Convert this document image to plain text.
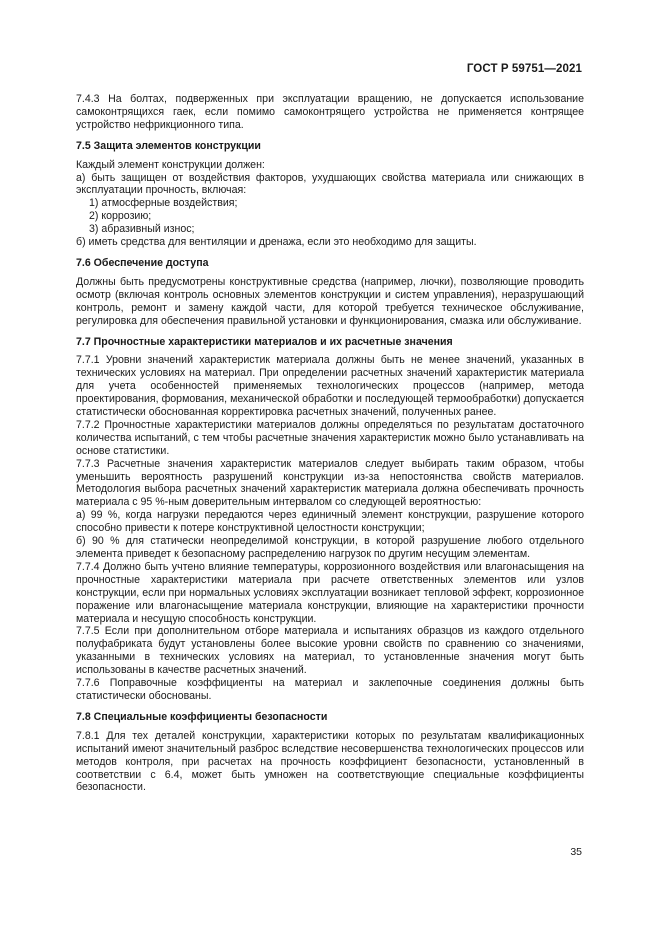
ГОСТ Р 59751—2021

7.4.3 На болтах, подверженных при эксплуатации вращению, не допускается использование самоконтрящихся гаек, если помимо самоконтрящего устройства не применяется контрящее устройство нефрикционного типа.

7.5 Защита элементов конструкции

Каждый элемент конструкции должен:

а) быть защищен от воздействия факторов, ухудшающих свойства материала или снижающих в эксплуатации прочность, включая:

1) атмосферные воздействия;

2) коррозию;

3) абразивный износ;

б) иметь средства для вентиляции и дренажа, если это необходимо для защиты.

7.6 Обеспечение доступа

Должны быть предусмотрены конструктивные средства (например, лючки), позволяющие проводить осмотр (включая контроль основных элементов конструкции и систем управления), неразрушающий контроль, ремонт и замену каждой части, для которой требуется техническое обслуживание, регулировка для обеспечения правильной установки и функционирования, смазка или обслуживание.

7.7 Прочностные характеристики материалов и их расчетные значения

7.7.1 Уровни значений характеристик материала должны быть не менее значений, указанных в технических условиях на материал. При определении расчетных значений характеристик материала для учета особенностей применяемых технологических процессов (например, метода проектирования, формования, механической обработки и последующей термообработки) допускается статистически обоснованная корректировка расчетных значений, полученных ранее.

7.7.2 Прочностные характеристики материалов должны определяться по результатам достаточного количества испытаний, с тем чтобы расчетные значения характеристик можно было устанавливать на основе статистики.

7.7.3 Расчетные значения характеристик материалов следует выбирать таким образом, чтобы уменьшить вероятность разрушений конструкции из-за непостоянства свойств материалов. Методология выбора расчетных значений характеристик материала должна обеспечивать прочность материала с 95 %-ным доверительным интервалом со следующей вероятностью:

а) 99 %, когда нагрузки передаются через единичный элемент конструкции, разрушение которого способно привести к потере конструктивной целостности конструкции;

б) 90 % для статически неопределимой конструкции, в которой разрушение любого отдельного элемента приведет к безопасному распределению нагрузок по другим несущим элементам.

7.7.4 Должно быть учтено влияние температуры, коррозионного воздействия или влагонасыщения на прочностные характеристики материала при расчете ответственных элементов или узлов конструкции, если при нормальных условиях эксплуатации возникает тепловой эффект, коррозионное поражение или влагонасыщение материала конструкции, влияющие на характеристики прочности материала и несущую способность конструкции.

7.7.5 Если при дополнительном отборе материала и испытаниях образцов из каждого отдельного полуфабриката будут установлены более высокие уровни свойств по сравнению со значениями, указанными в технических условиях на материал, то установленные значения могут быть использованы в качестве расчетных значений.

7.7.6 Поправочные коэффициенты на материал и заклепочные соединения должны быть статистически обоснованы.

7.8 Специальные коэффициенты безопасности

7.8.1 Для тех деталей конструкции, характеристики которых по результатам квалификационных испытаний имеют значительный разброс вследствие несовершенства технологических процессов или методов контроля, при расчетах на прочность коэффициент безопасности, установленный в соответствии с 6.4, может быть умножен на соответствующие специальные коэффициенты безопасности.

35
